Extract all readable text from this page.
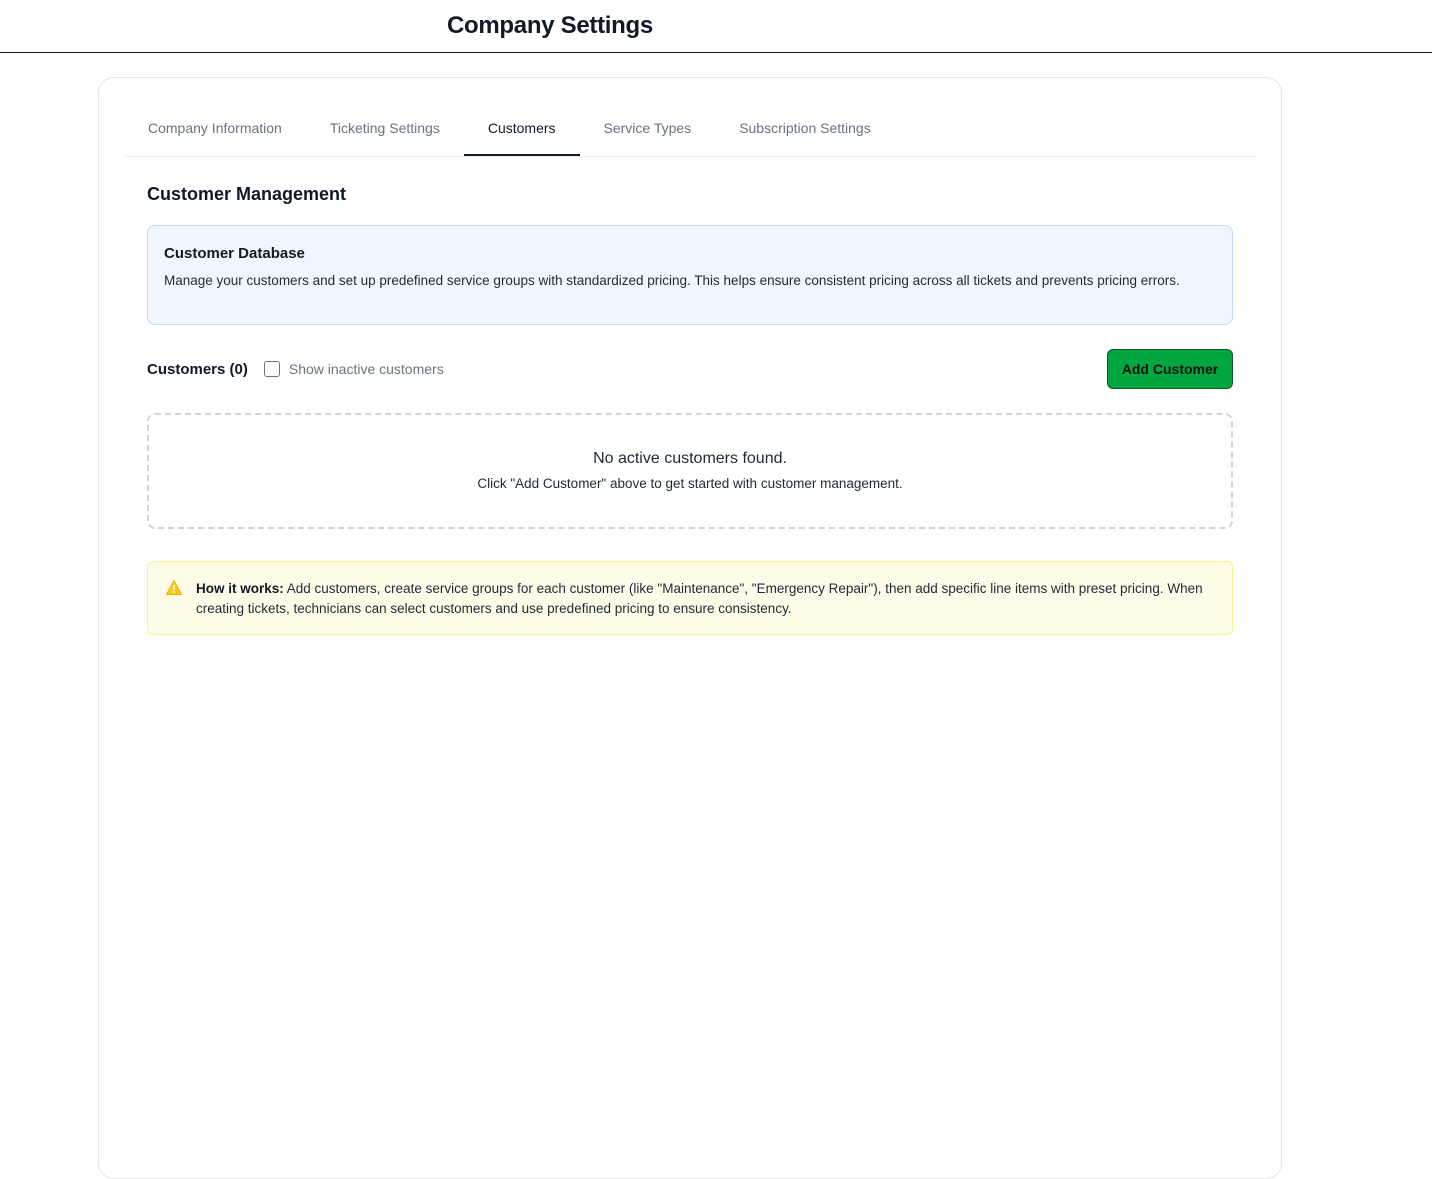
Company Settings
Company Information	Ticketing Settings	Customers	Service Types	Subscription Settings
Customer Management
Customer Database

Manage your customers and set up predefined service groups with standardized pricing. This helps ensure consistent pricing across all tickets and prevents pricing errors.

Customers (0)	Show inactive customers	Add Customer
No active customers found.
Click "Add Customer" above to get started with customer management.
How it works: Add customers, create service groups for each customer (like "Maintenance", "Emergency Repair"), then add specific line items with preset pricing. When creating tickets, technicians can select customers and use predefined pricing to ensure consistency.
